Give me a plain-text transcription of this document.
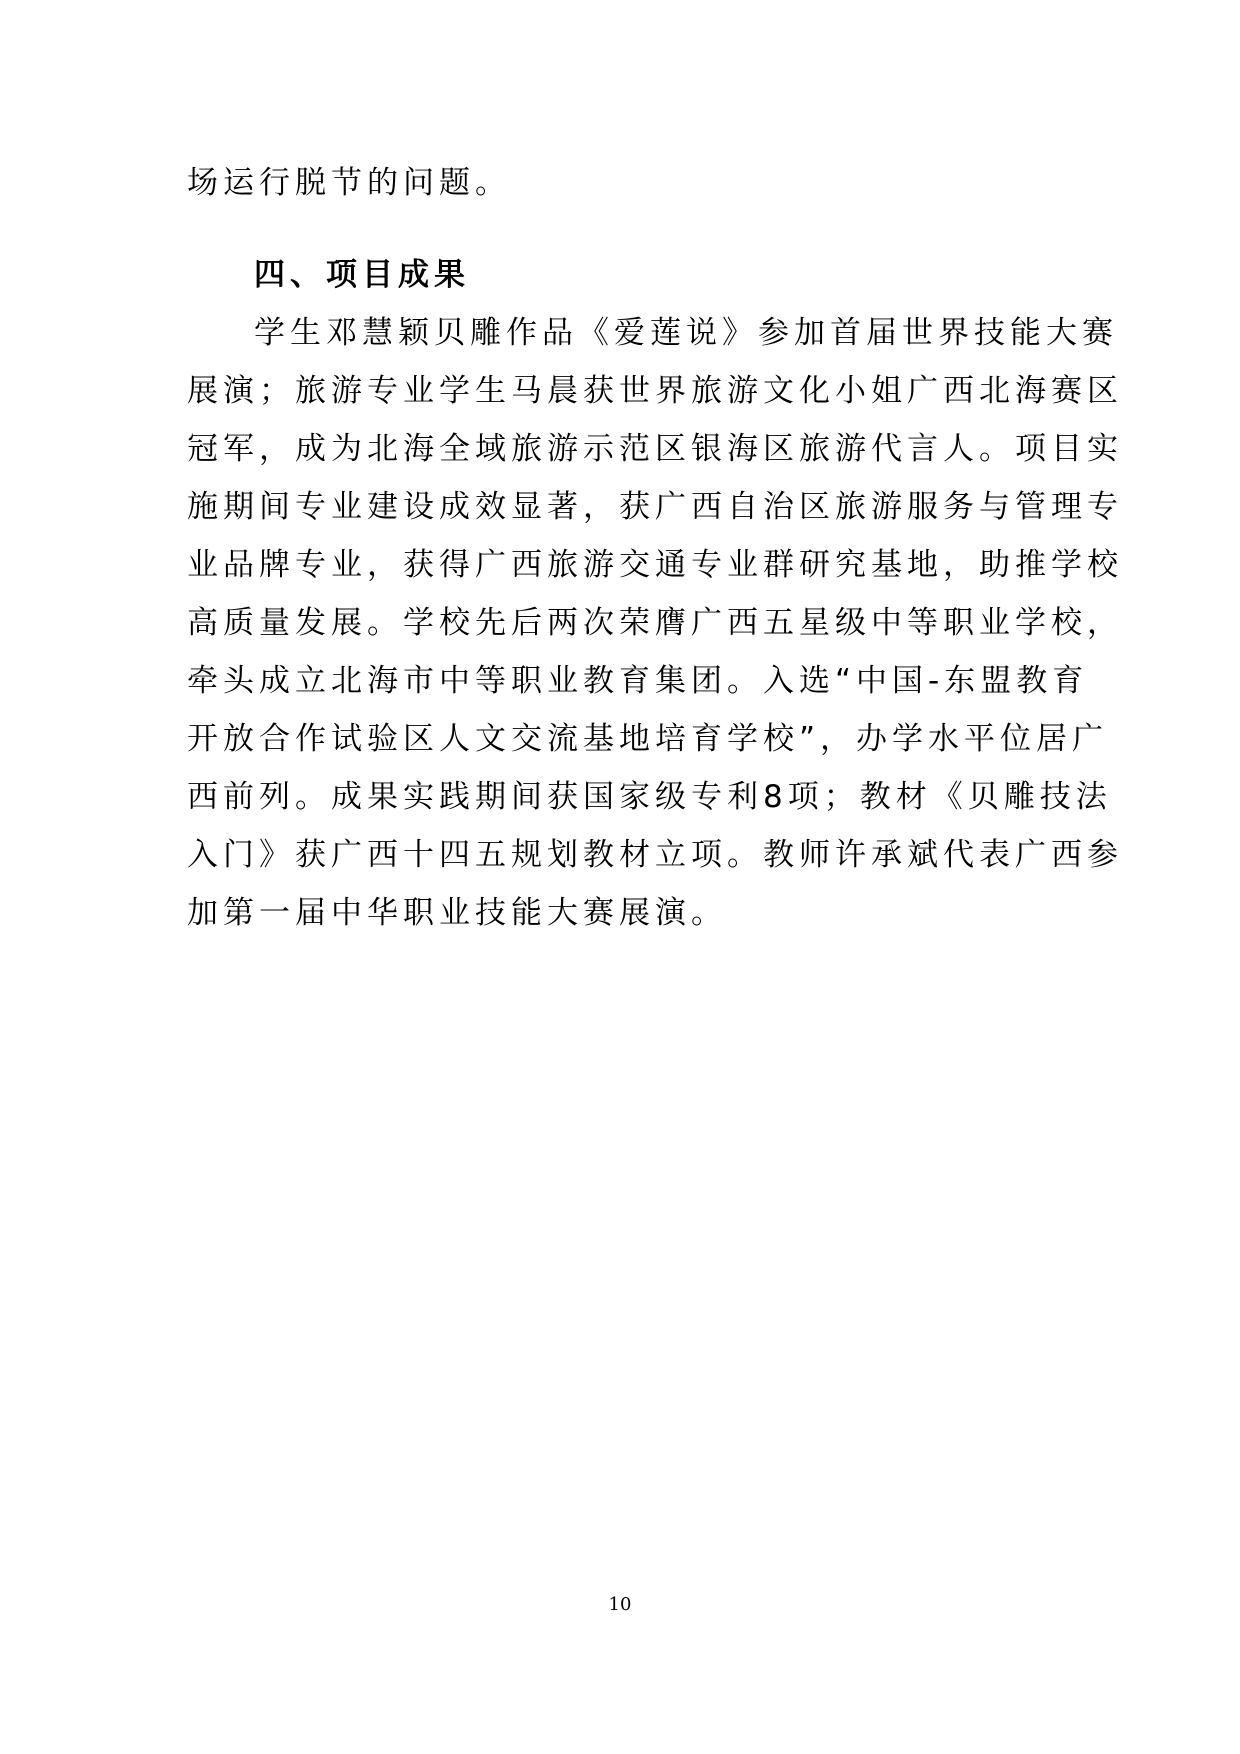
场运行脱节的问题。
四、项目成果
学生邓慧颖贝雕作品《爱莲说》参加首届世界技能大赛
展演；旅游专业学生马晨获世界旅游文化小姐广西北海赛区
冠军，成为北海全域旅游示范区银海区旅游代言人。项目实
施期间专业建设成效显著，获广西自治区旅游服务与管理专
业品牌专业，获得广西旅游交通专业群研究基地，助推学校
高质量发展。学校先后两次荣膺广西五星级中等职业学校，
牵头成立北海市中等职业教育集团。入选“中国-东盟教育
开放合作试验区人文交流基地培育学校”，办学水平位居广
西前列。成果实践期间获国家级专利8项；教材《贝雕技法
入门》获广西十四五规划教材立项。教师许承斌代表广西参
加第一届中华职业技能大赛展演。
10
